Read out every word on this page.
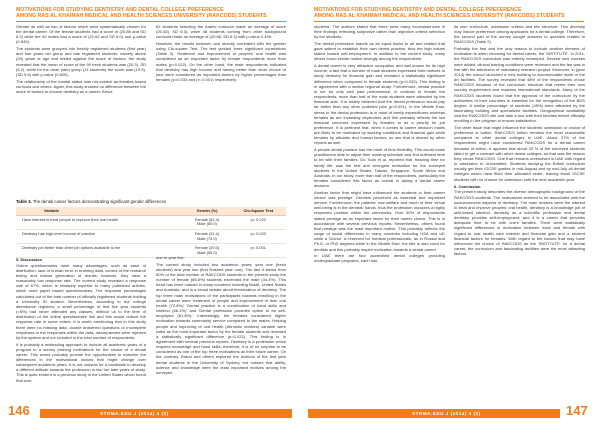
MOTIVATIONS FOR STUDYING DENTISTRY AND DENTAL COLLEGE PREFERENCE
AMONG RAS AL KHAIMAH MEDICAL AND HEALTH SCIENCES UNIVERSITY (RAKCODS) STUDENTS

Gender as well as two of factors which were systematically chosen for the dental career. Of the female students had a score of (20.86 and SD 6.2) while the 40 males had a score of (21.62 and SD 6.0) and p-value (0.549).

The students were grouped into freshly registered students (first year) and four years old group and late registered students, namely above (20) years of age and tested against the score of factors, the study revealed that the mean of score of the 99 fresh students was (20.3), SD (6.2), while for the other (late) group (11 students) the score was (19.9), (SD 5.6) with p-value (0.825).

The relationship of the marital status was not evident as females based curricula and others. Again, this study showed no difference between the score of factors to choose dentistry as a career. About

62 students selecting the Arabic curricula made an average of score (20.45), SD 6.3), while 48 students coming from other background curricula made an average of (20.66, SD 6.3) with p-value 0.449.

However, the results between and directly correlated with the gender using Chi-square Test. The test yielded three significant correlations (Table 3). Treatment and improvement of peoples' oral health was considered as an important factor by female respondents more than males (p=0.022). On the other hand, the male respondents indicated that dentistry has high income and having better than other choice of jobs were considered as important factors by higher percentages than females (p=0.033 and p< 0.001) respectively.

Table 3. The dental career factors demonstrating significant gender differences
Variable	Gender (%)	Chi-Square Test
Have interest to treat people to improve their oral health	Female (81.4)
Male (60.0)	p= 0.022
Dentistry has high-level income of practice	Female (51.4)
Male (75.0)	p= 0.033
Dentistry job better than other job options available to me	Female (20.0)
Male (55.0)	p< 0.001

5. Discussion

Online questionnaires have many advantages, such as ease of distribution, lack of human error in entering data, control of the research timing and instant generation of results; however, they have a reasonably low response rate. The current study revealed a response rate of 67%, which is relatively superior to many published articles, which used paper based questionnaires. The response percentages calculated out of the total number of officially registered students holding a University ID student. Nevertheless, according to the college attendance registers, a small percentage of first five year students (<5%) had never attended any classes, without us to the time of distribution of the online questionnaire link and this would reduce the response rate in some extent. It is worth mentioning that in this study there were no missing data, double answered questions or incomplete responses in the responses within the data; discrepancies were rejected by the system and not included in the total number of respondents.

It is probably a misleading approach to include all academic years of a program in a survey probing motivations for the choice of a dental career. This would probably provide the opportunities to examine the differences in the motivational factors that might change over subsequent academic years. It is not unusual for a candidate to develop a different attitude towards the profession in his/ her later years of study. This is quite evident in a previous study in the United States which found that over

one to year five.

The current study included two academic years; year one (fresh students) and year two (first finished year one). The fact it stems from 50% of the total number of RAKCODS students in the present study the number of female (65.6%) students exceeded the male (34.4%). This trend has been noticed in many countries including Brazil, United States and Australia, and is a broad debate about feminization of dentistry. The top three main motivations of the participants towards enrolling in the dental career were 'treatment of people and improvement of their oral health (72.8%)' 'Dental practice is a combination of hand skills and intellect (66.1%)' and 'Dental profession provides option to be self-employed (61.8%).' Interestingly, the females considered higher motivation towards community service compared to the males. Helping people and improving of oral health (Altruistic motives) variable were rated as the most important factor by the female students and revealed a statistically significant difference (p=0.022). This finding is in agreement with several previous reports. Dentistry is a profession which requires knowledge and hand skills; therefore, it is of no surprise to be considered as one of the top three motivations as their future career. On the contrary, Brand and others explored the motives of the first year dental students in the University of Sydney, but noticed that ability, science and knowledge were the least important motives among the surveyed

146	STOMA.EDU J (2014) 3 (2)
MOTIVATIONS FOR STUDYING DENTISTRY AND DENTAL COLLEGE PREFERENCE
AMONG RAS AL KHAIMAH MEDICAL AND HEALTH SCIENCES UNIVERSITY (RAKCODS) STUDENTS

students. The authors stated that there were many inconsistencies in their findings reflecting subjective rather than objective criteria selection by the students.

The dental profession stands as an equal factor to all and related that gave salient to establish their own dental practice, thus the high values stated toward self-employment. In addition to the current study, many others found similar motive strongly among the respondents.

A dental career is very attractive occupation and well-known for its high income, a fact that a number of male students expressed their motives to study dentistry for financial gain and revealed a statistically significant difference when compared to female students (p=0.033). This finding is in agreement with a similar regional study. Furthermore, dental practice is not for only well paid performance, in contrast to female the respondents, more than half of the male students were attracted by the financial side. It is widely believed that the dental profession would pay far better than any other potential jobs (p<0.001). In the Middle East, stress in the dental profession is in most of family expenditures whereas females as are invariably dependent and this probably reflects the low financial concerns expressed by females to as a priority for job preference. It is pertinent that, when it comes to career decision males are likely to be motivated by working conditions and financial gain while females by altruistic and human factors, so see that is shared by other reports as well.

A private dental practice has the merit of time flexibility. This would make practitioners able to adjust their working schedule and find sufficient time to be with their families. Do Todo et al. reported that 'heading time for family life' was the first and strongest motivation for the surveyed students in the United States, Taiwan, Singapore, South Africa and Australia. In our study, more than half of the respondents, particularly the females considered this factor as crucial in taking a dental career decision.

Another factor that might have influenced the students in their career choice was prestige. Dentists perceived as essential and important service. Furthermore, the patients' oral welfare and much of their virtual well-being is in the dentists' hands, thus the profession occupies a highly respected position within the community. Over 50% of respondents stated prestige as an important factor for their career choice. This is in accordance with several previous reports. Nevertheless, others found that prestige was the least important motive. This probably reflects the range of social differences in many countries including USA and UK while a 'Doctor' is reserved for medical professionals, as in Russia and Ph.D. or PhD degrees while in the Middle East, the title is also used for dentists and this probably inspire motivation towards a dental career.

In UAE there are four accredited dental colleges providing undergraduate programs, each has

its own curriculum, admission criteria and fee structure. This diversity may induce preference among applicants for a dental college. Therefore, the second part of the survey sought answers to question related to RAKCODS (Table 2).

Probably the first and the only reason to include another element of motivation is when choosing for dental career, the 'INSTITUTE'. In 2011, the RAKCODS curriculum was entirely revamped. Several new courses were added, clinical training conditions were reviewed and the fee was in line with the admission of mandatory research project. Moreover, in (year 2014) the school launched a new building to accommodate state of the art facilities. The survey revealed that 48% of the respondents chose RAKCODS because of the curriculum structure that meets their own country requirement and matches international standards. Many of the RAKCODS students found that the approval of the curriculum by the authorities of their countries is essential for the recognition of the BDS degree. A similar percentage of students (45%) were attracted by the fascinating building and specialized facilities. Geographical availability visit the RAKCODS site and take a tour with their families before officially enrolling in the program to ensure satisfaction.

The other issue that might influence the students' admission or choice of preference is tuition. RAKCODS tuition remains the most reasonable compared to other dental colleges in UAE. About 27% of the respondents might have considered RAKCODS for a dental career because of tuition. It appears that about 20 % of the surveyed students failed to get a contract with other dental colleges, so that was the reason they chose RAKCODS. One that remains unresolved is UAE with regard to admission to Universities. Students studying the British curriculum usually get their IGCSE grades in mid-August and by mid-July all dental colleges would have filled their allocated seats, leaving those IGCSE students with no chance for admission until the next academic year.

6. Conclusion

The present study describes the diverse demographic background of the RAKCODS students. The motivations seemed to be associated with the socioeconomic aspects of dentistry. The main motives were the interest to treat and improve peoples' oral health, dentistry is a knowledge job of skill-based intellect, dentistry as a scientific profession and dental dentistry provides self-employment, and it is a career that provides adequate time to be with one's families. There were statistically significant differences in motivation between male and female with regard to oral health care interest and financial gain and a student financial factors for females. With regard to the factors that may have influenced the choice of RAKCODS as the 'INSTITUTE' for a dental career, the curriculum and fascinating facilities were the most attracting factors.

147
STOMA.EDU J (2014) 3 (2)
